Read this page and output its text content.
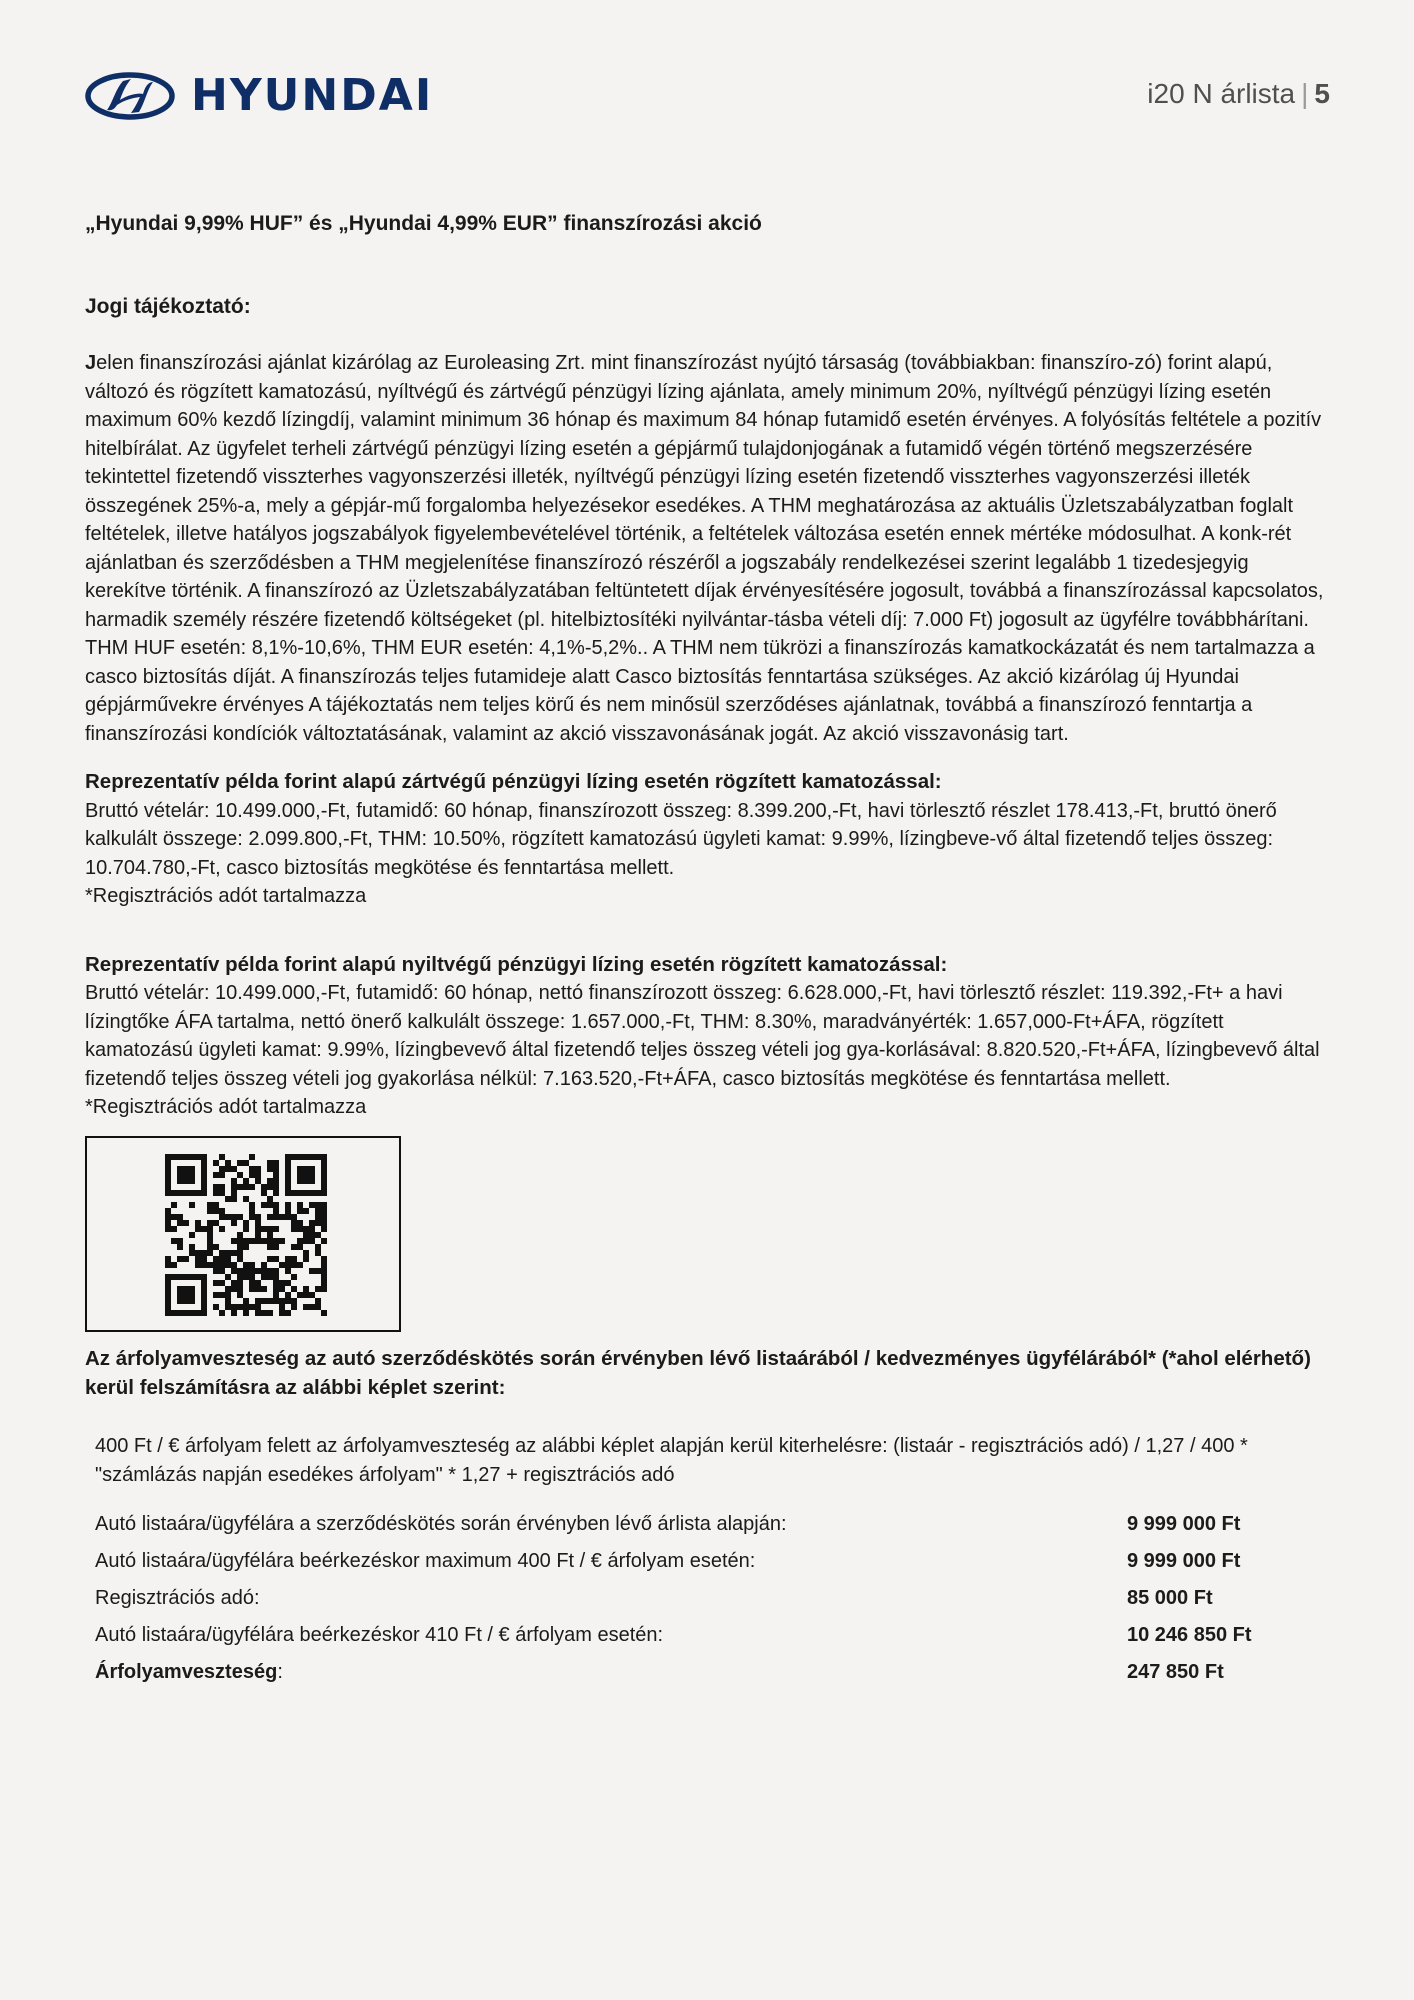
HYUNDAI	i20 N árlista | 5
„Hyundai 9,99% HUF” és „Hyundai 4,99% EUR” finanszírozási akció
Jogi tájékoztató:
Jelen finanszírozási ajánlat kizárólag az Euroleasing Zrt. mint finanszírozást nyújtó társaság (továbbiakban: finanszíro-zó) forint alapú, változó és rögzített kamatozású, nyíltvégű és zártvégű pénzügyi lízing ajánlata, amely minimum 20%, nyíltvégű pénzügyi lízing esetén maximum 60% kezdő lízingdíj, valamint minimum 36 hónap és maximum 84 hónap futamidő esetén érvényes. A folyósítás feltétele a pozitív hitelbírálat. Az ügyfelet terheli zártvégű pénzügyi lízing esetén a gépjármű tulajdonjogának a futamidő végén történő megszerzésére tekintettel fizetendő visszterhes vagyonszerzési illeték, nyíltvégű pénzügyi lízing esetén fizetendő visszterhes vagyonszerzési illeték összegének 25%-a, mely a gépjár-mű forgalomba helyezésekor esedékes. A THM meghatározása az aktuális Üzletszabályzatban foglalt feltételek, illetve hatályos jogszabályok figyelembevételével történik, a feltételek változása esetén ennek mértéke módosulhat. A konk-rét ajánlatban és szerződésben a THM megjelenítése finanszírozó részéről a jogszabály rendelkezései szerint legalább 1 tizedesjegyig kerekítve történik. A finanszírozó az Üzletszabályzatában feltüntetett díjak érvényesítésére jogosult, továbbá a finanszírozással kapcsolatos, harmadik személy részére fizetendő költségeket (pl. hitelbiztosítéki nyilvántar-tásba vételi díj: 7.000 Ft) jogosult az ügyfélre továbbhárítani. THM HUF esetén: 8,1%-10,6%, THM EUR esetén: 4,1%-5,2%.. A THM nem tükrözi a finanszírozás kamatkockázatát és nem tartalmazza a casco biztosítás díját. A finanszírozás teljes futamideje alatt Casco biztosítás fenntartása szükséges. Az akció kizárólag új Hyundai gépjárművekre érvényes A tájékoztatás nem teljes körű és nem minősül szerződéses ajánlatnak, továbbá a finanszírozó fenntartja a finanszírozási kondíciók változtatásának, valamint az akció visszavonásának jogát. Az akció visszavonásig tart.
Reprezentatív példa forint alapú zártvégű pénzügyi lízing esetén rögzített kamatozással:
Bruttó vételár: 10.499.000,-Ft, futamidő: 60 hónap, finanszírozott összeg: 8.399.200,-Ft, havi törlesztő részlet 178.413,-Ft, bruttó önerő kalkulált összege: 2.099.800,-Ft, THM: 10.50%, rögzített kamatozású ügyleti kamat: 9.99%, lízingbeve-vő által fizetendő teljes összeg: 10.704.780,-Ft, casco biztosítás megkötése és fenntartása mellett.
*Regisztrációs adót tartalmazza
Reprezentatív példa forint alapú nyiltvégű pénzügyi lízing esetén rögzített kamatozással:
Bruttó vételár: 10.499.000,-Ft, futamidő: 60 hónap, nettó finanszírozott összeg: 6.628.000,-Ft, havi törlesztő részlet: 119.392,-Ft+ a havi lízingtőke ÁFA tartalma, nettó önerő kalkulált összege: 1.657.000,-Ft, THM: 8.30%, maradványérték: 1.657,000-Ft+ÁFA, rögzített kamatozású ügyleti kamat: 9.99%, lízingbevevő által fizetendő teljes összeg vételi jog gya-korlásával: 8.820.520,-Ft+ÁFA, lízingbevevő által fizetendő teljes összeg vételi jog gyakorlása nélkül: 7.163.520,-Ft+ÁFA, casco biztosítás megkötése és fenntartása mellett.
*Regisztrációs adót tartalmazza
Az árfolyamveszteség az autó szerződéskötés során érvényben lévő listaárából / kedvezményes ügyfélárából* (*ahol elérhető) kerül felszámításra az alábbi képlet szerint:
400 Ft / € árfolyam felett az árfolyamveszteség az alábbi képlet alapján kerül kiterhelésre: (listaár - regisztrációs adó) / 1,27 / 400 * "számlázás napján esedékes árfolyam" * 1,27 + regisztrációs adó
Autó listaára/ügyfélára a szerződéskötés során érvényben lévő árlista alapján:	9 999 000 Ft
Autó listaára/ügyfélára beérkezéskor maximum 400 Ft / € árfolyam esetén:	9 999 000 Ft
Regisztrációs adó:	85 000 Ft
Autó listaára/ügyfélára beérkezéskor 410 Ft / € árfolyam esetén:	10 246 850 Ft
Árfolyamveszteség:	247 850 Ft
